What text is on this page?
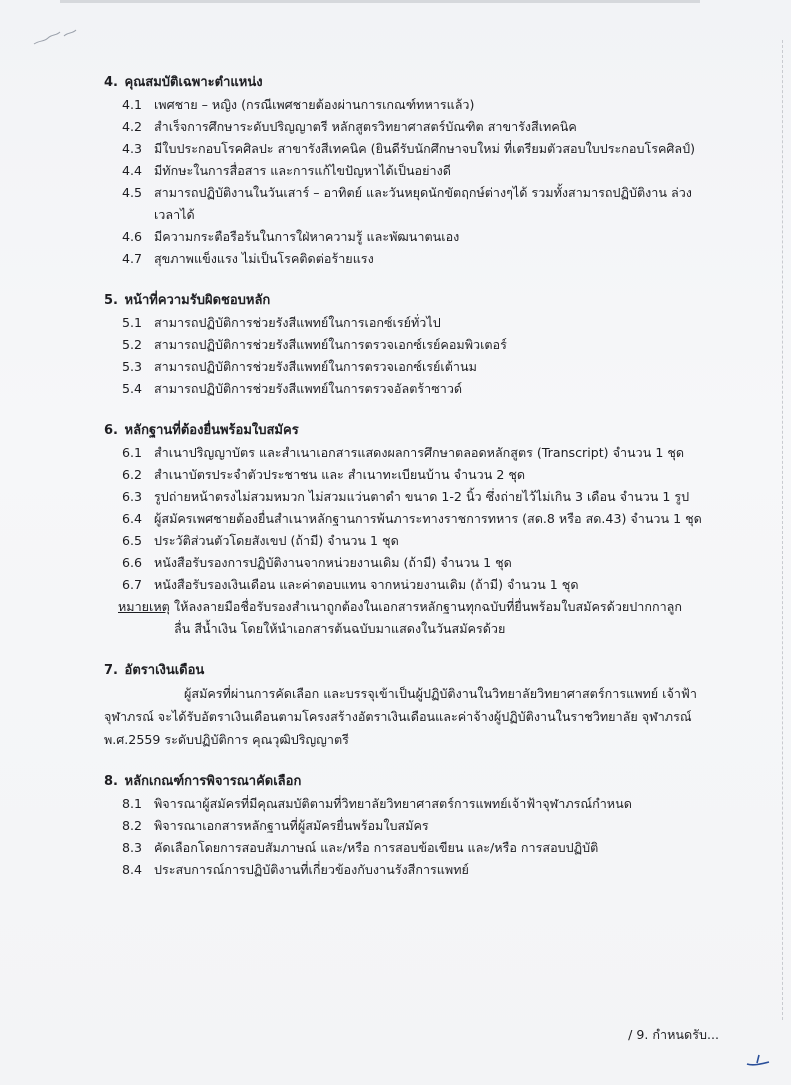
4. คุณสมบัติเฉพาะตำแหน่ง
4.1 เพศชาย – หญิง (กรณีเพศชายต้องผ่านการเกณฑ์ทหารแล้ว)
4.2 สำเร็จการศึกษาระดับปริญญาตรี หลักสูตรวิทยาศาสตร์บัณฑิต สาขารังสีเทคนิค
4.3 มีใบประกอบโรคศิลปะ สาขารังสีเทคนิค (ยินดีรับนักศึกษาจบใหม่ ที่เตรียมตัวสอบใบประกอบโรคศิลป์)
4.4 มีทักษะในการสื่อสาร และการแก้ไขปัญหาได้เป็นอย่างดี
4.5 สามารถปฏิบัติงานในวันเสาร์ – อาทิตย์ และวันหยุดนักขัตฤกษ์ต่างๆได้ รวมทั้งสามารถปฏิบัติงาน ล่วงเวลาได้
4.6 มีความกระตือรือร้นในการใฝ่หาความรู้ และพัฒนาตนเอง
4.7 สุขภาพแข็งแรง ไม่เป็นโรคติดต่อร้ายแรง
5. หน้าที่ความรับผิดชอบหลัก
5.1 สามารถปฏิบัติการช่วยรังสีแพทย์ในการเอกซ์เรย์ทั่วไป
5.2 สามารถปฏิบัติการช่วยรังสีแพทย์ในการตรวจเอกซ์เรย์คอมพิวเตอร์
5.3 สามารถปฏิบัติการช่วยรังสีแพทย์ในการตรวจเอกซ์เรย์เต้านม
5.4 สามารถปฏิบัติการช่วยรังสีแพทย์ในการตรวจอัลตร้าซาวด์
6. หลักฐานที่ต้องยื่นพร้อมใบสมัคร
6.1 สำเนาปริญญาบัตร และสำเนาเอกสารแสดงผลการศึกษาตลอดหลักสูตร (Transcript) จำนวน 1 ชุด
6.2 สำเนาบัตรประจำตัวประชาชน และ สำเนาทะเบียนบ้าน จำนวน 2 ชุด
6.3 รูปถ่ายหน้าตรงไม่สวมหมวก ไม่สวมแว่นตาดำ ขนาด 1-2 นิ้ว ซึ่งถ่ายไว้ไม่เกิน 3 เดือน จำนวน 1 รูป
6.4 ผู้สมัครเพศชายต้องยื่นสำเนาหลักฐานการพ้นภาระทางราชการทหาร (สด.8 หรือ สด.43) จำนวน 1 ชุด
6.5 ประวัติส่วนตัวโดยสังเขป (ถ้ามี) จำนวน 1 ชุด
6.6 หนังสือรับรองการปฏิบัติงานจากหน่วยงานเดิม (ถ้ามี) จำนวน 1 ชุด
6.7 หนังสือรับรองเงินเดือน และค่าตอบแทน จากหน่วยงานเดิม (ถ้ามี) จำนวน 1 ชุด
หมายเหตุ ให้ลงลายมือชื่อรับรองสำเนาถูกต้องในเอกสารหลักฐานทุกฉบับที่ยื่นพร้อมใบสมัครด้วยปากกาลูกลื่น สีน้ำเงิน โดยให้นำเอกสารต้นฉบับมาแสดงในวันสมัครด้วย
7. อัตราเงินเดือน
ผู้สมัครที่ผ่านการคัดเลือก และบรรจุเข้าเป็นผู้ปฏิบัติงานในวิทยาลัยวิทยาศาสตร์การแพทย์ เจ้าฟ้าจุฬาภรณ์ จะได้รับอัตราเงินเดือนตามโครงสร้างอัตราเงินเดือนและค่าจ้างผู้ปฏิบัติงานในราชวิทยาลัย จุฬาภรณ์ พ.ศ.2559 ระดับปฏิบัติการ คุณวุฒิปริญญาตรี
8. หลักเกณฑ์การพิจารณาคัดเลือก
8.1 พิจารณาผู้สมัครที่มีคุณสมบัติตามที่วิทยาลัยวิทยาศาสตร์การแพทย์เจ้าฟ้าจุฬาภรณ์กำหนด
8.2 พิจารณาเอกสารหลักฐานที่ผู้สมัครยื่นพร้อมใบสมัคร
8.3 คัดเลือกโดยการสอบสัมภาษณ์ และ/หรือ การสอบข้อเขียน และ/หรือ การสอบปฏิบัติ
8.4 ประสบการณ์การปฏิบัติงานที่เกี่ยวข้องกับงานรังสีการแพทย์
/ 9. กำหนดรับ...
